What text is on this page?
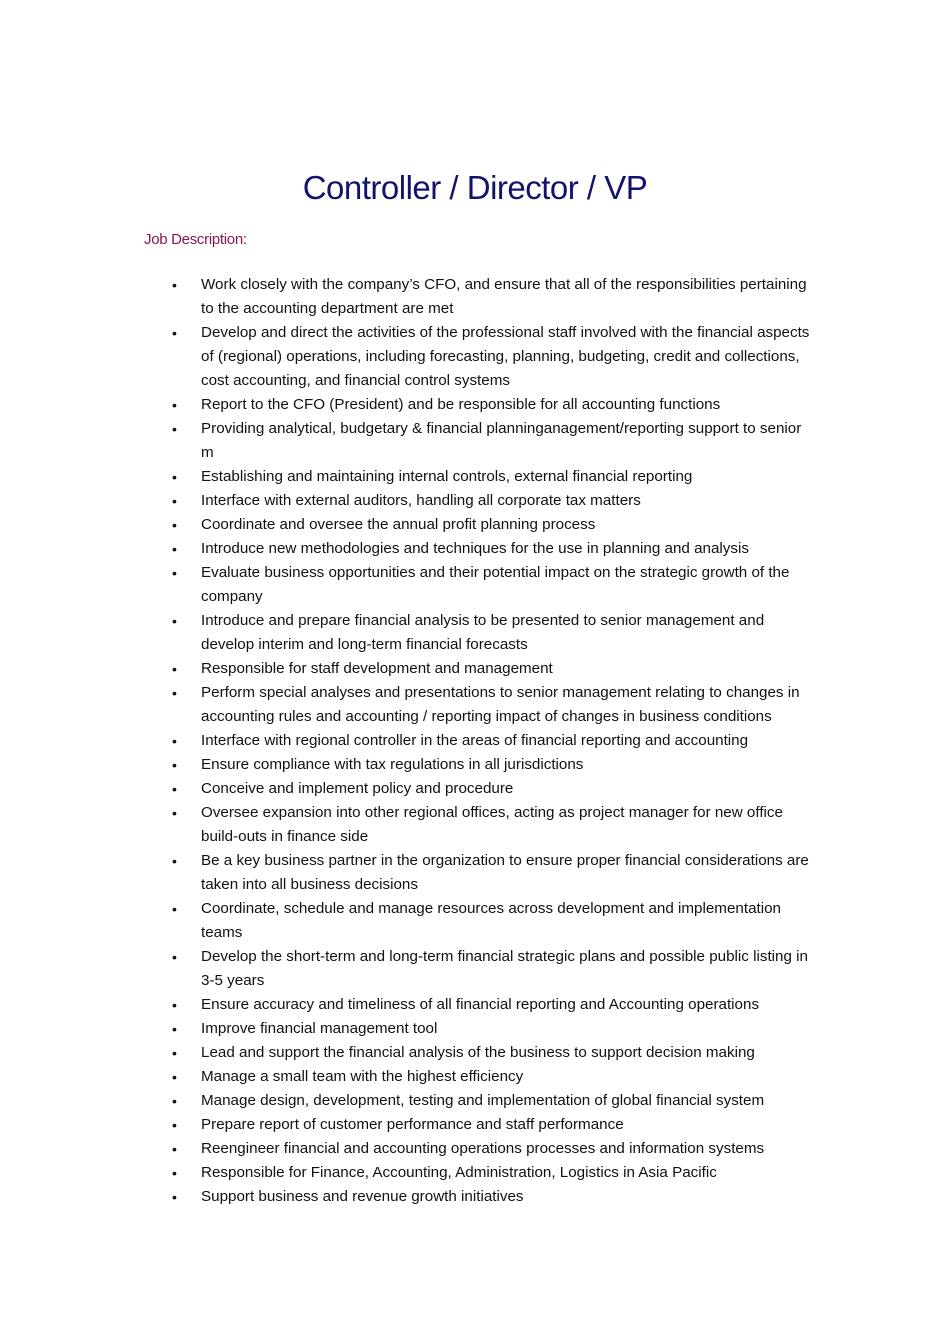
Controller / Director / VP

Job Description:

• Work closely with the company’s CFO, and ensure that all of the responsibilities pertaining to the accounting department are met
• Develop and direct the activities of the professional staff involved with the financial aspects of (regional) operations, including forecasting, planning, budgeting, credit and collections, cost accounting, and financial control systems
• Report to the CFO (President) and be responsible for all accounting functions
• Providing analytical, budgetary & financial planninganagement/reporting support to senior m
• Establishing and maintaining internal controls, external financial reporting
• Interface with external auditors, handling all corporate tax matters
• Coordinate and oversee the annual profit planning process
• Introduce new methodologies and techniques for the use in planning and analysis
• Evaluate business opportunities and their potential impact on the strategic growth of the company
• Introduce and prepare financial analysis to be presented to senior management and develop interim and long-term financial forecasts
• Responsible for staff development and management
• Perform special analyses and presentations to senior management relating to changes in accounting rules and accounting / reporting impact of changes in business conditions
• Interface with regional controller in the areas of financial reporting and accounting
• Ensure compliance with tax regulations in all jurisdictions
• Conceive and implement policy and procedure
• Oversee expansion into other regional offices, acting as project manager for new office build-outs in finance side
• Be a key business partner in the organization to ensure proper financial considerations are taken into all business decisions
• Coordinate, schedule and manage resources across development and implementation teams
• Develop the short-term and long-term financial strategic plans and possible public listing in 3-5 years
• Ensure accuracy and timeliness of all financial reporting and Accounting operations
• Improve financial management tool
• Lead and support the financial analysis of the business to support decision making
• Manage a small team with the highest efficiency
• Manage design, development, testing and implementation of global financial system
• Prepare report of customer performance and staff performance
• Reengineer financial and accounting operations processes and information systems
• Responsible for Finance, Accounting, Administration, Logistics in Asia Pacific
• Support business and revenue growth initiatives
